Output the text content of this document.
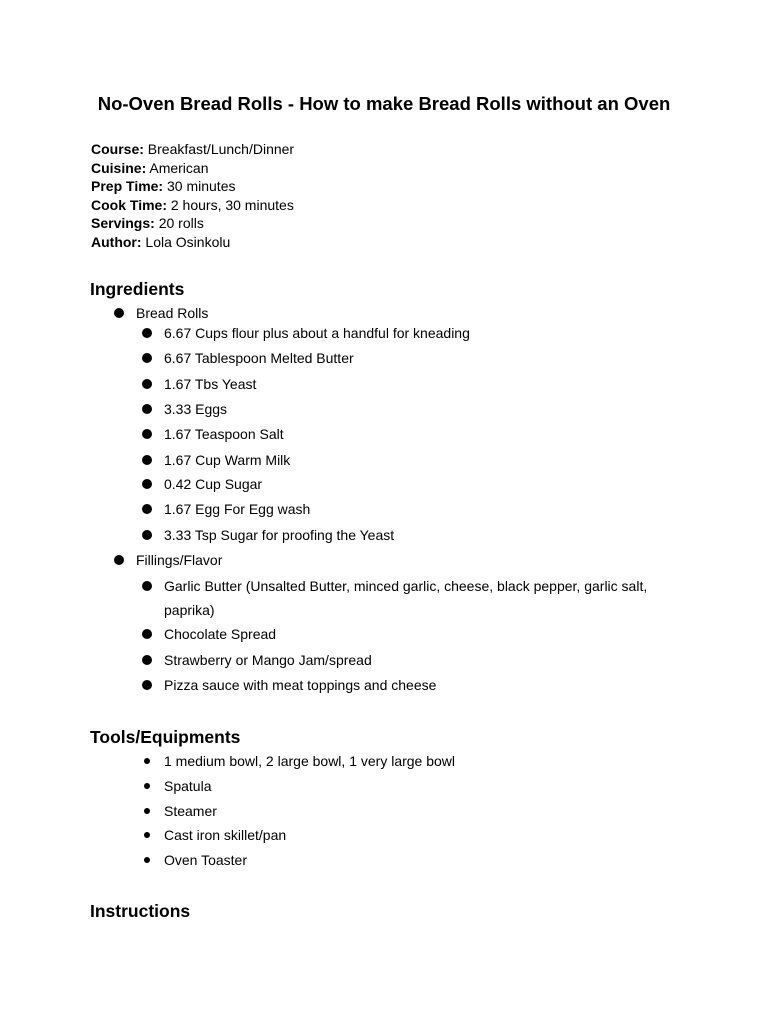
No-Oven Bread Rolls - How to make Bread Rolls without an Oven
Course: Breakfast/Lunch/Dinner
Cuisine: American
Prep Time: 30 minutes
Cook Time: 2 hours, 30 minutes
Servings: 20 rolls
Author: Lola Osinkolu
Ingredients
Bread Rolls
6.67 Cups flour plus about a handful for kneading
6.67 Tablespoon Melted Butter
1.67 Tbs Yeast
3.33 Eggs
1.67 Teaspoon Salt
1.67 Cup Warm Milk
0.42 Cup Sugar
1.67 Egg For Egg wash
3.33 Tsp Sugar for proofing the Yeast
Fillings/Flavor
Garlic Butter (Unsalted Butter, minced garlic, cheese, black pepper, garlic salt,
paprika)
Chocolate Spread
Strawberry or Mango Jam/spread
Pizza sauce with meat toppings and cheese
Tools/Equipments
1 medium bowl, 2 large bowl, 1 very large bowl
Spatula
Steamer
Cast iron skillet/pan
Oven Toaster
Instructions
